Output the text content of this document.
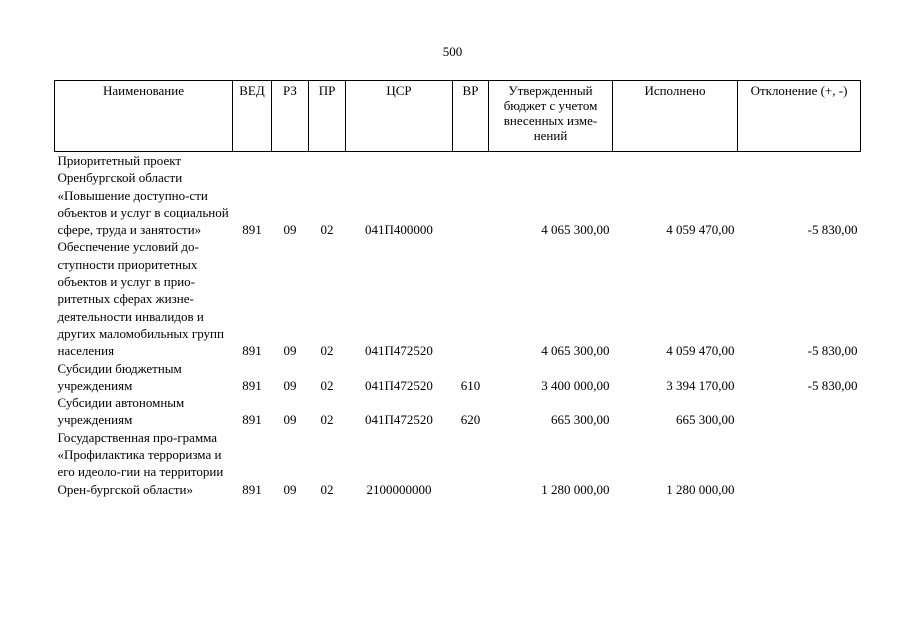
500
Наименование	ВЕД	РЗ	ПР	ЦСР	ВР	Утвержденный бюджет с учетом внесенных изме-нений	Исполнено	Отклонение (+, -)
Приоритетный проект Оренбургской области «Повышение доступно-сти объектов и услуг в социальной сфере, труда и занятости»	891	09	02	041П400000		4 065 300,00	4 059 470,00	-5 830,00
Обеспечение условий до-ступности приоритетных объектов и услуг в прио-ритетных сферах жизне-деятельности инвалидов и других маломобильных групп населения	891	09	02	041П472520		4 065 300,00	4 059 470,00	-5 830,00
Субсидии бюджетным учреждениям	891	09	02	041П472520	610	3 400 000,00	3 394 170,00	-5 830,00
Субсидии автономным учреждениям	891	09	02	041П472520	620	665 300,00	665 300,00	
Государственная про-грамма «Профилактика терроризма и его идеоло-гии на территории Орен-бургской области»	891	09	02	2100000000		1 280 000,00	1 280 000,00	
